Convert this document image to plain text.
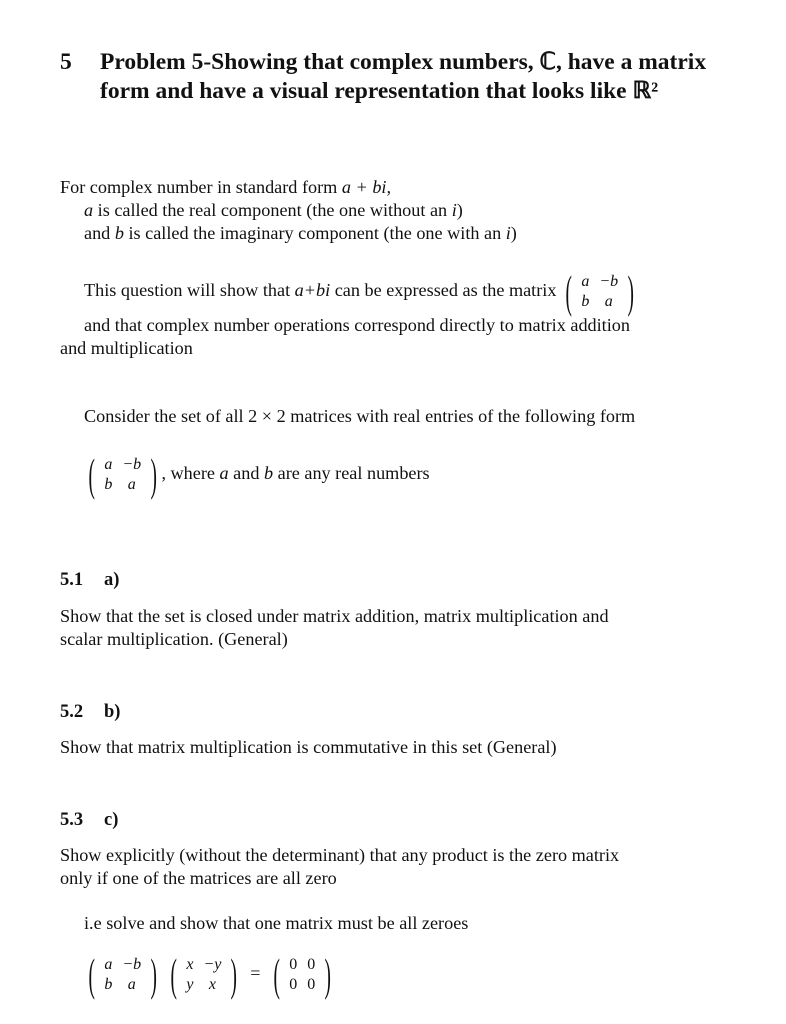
5 Problem 5-Showing that complex numbers, ℂ, have a matrix form and have a visual representation that looks like ℝ²
For complex number in standard form a + bi,
a is called the real component (the one without an i)
and b is called the imaginary component (the one with an i)
This question will show that a+bi can be expressed as the matrix ( a	−b
b	a )
and that complex number operations correspond directly to matrix addition
and multiplication
Consider the set of all 2 × 2 matrices with real entries of the following form
( a	−b
b	a ) , where a and b are any real numbers
5.1 a)
Show that the set is closed under matrix addition, matrix multiplication and
scalar multiplication. (General)
5.2 b)
Show that matrix multiplication is commutative in this set (General)
5.3 c)
Show explicitly (without the determinant) that any product is the zero matrix
only if one of the matrices are all zero
i.e solve and show that one matrix must be all zeroes
( a	−b
b	a )
( x	−y
y	x ) = ( 0	0
0	0 )
